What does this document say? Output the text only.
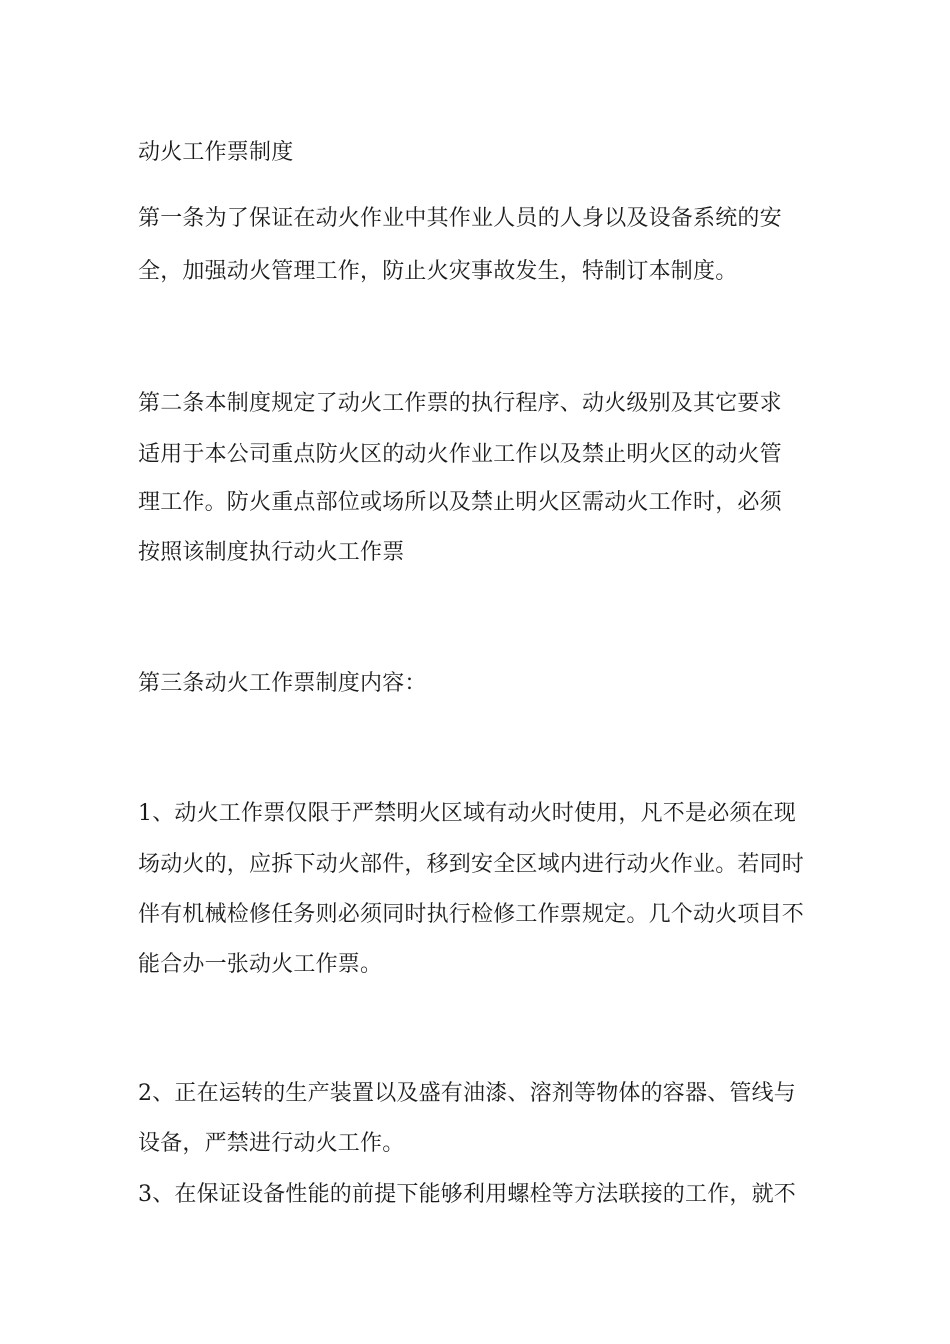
动火工作票制度
第一条为了保证在动火作业中其作业人员的人身以及设备系统的安
全，加强动火管理工作，防止火灾事故发生，特制订本制度。
第二条本制度规定了动火工作票的执行程序、动火级别及其它要求
适用于本公司重点防火区的动火作业工作以及禁止明火区的动火管
理工作。防火重点部位或场所以及禁止明火区需动火工作时，必须
按照该制度执行动火工作票
第三条动火工作票制度内容：
1、动火工作票仅限于严禁明火区域有动火时使用，凡不是必须在现
场动火的，应拆下动火部件，移到安全区域内进行动火作业。若同时
伴有机械检修任务则必须同时执行检修工作票规定。几个动火项目不
能合办一张动火工作票。
2、正在运转的生产装置以及盛有油漆、溶剂等物体的容器、管线与
设备，严禁进行动火工作。
3、在保证设备性能的前提下能够利用螺栓等方法联接的工作，就不
